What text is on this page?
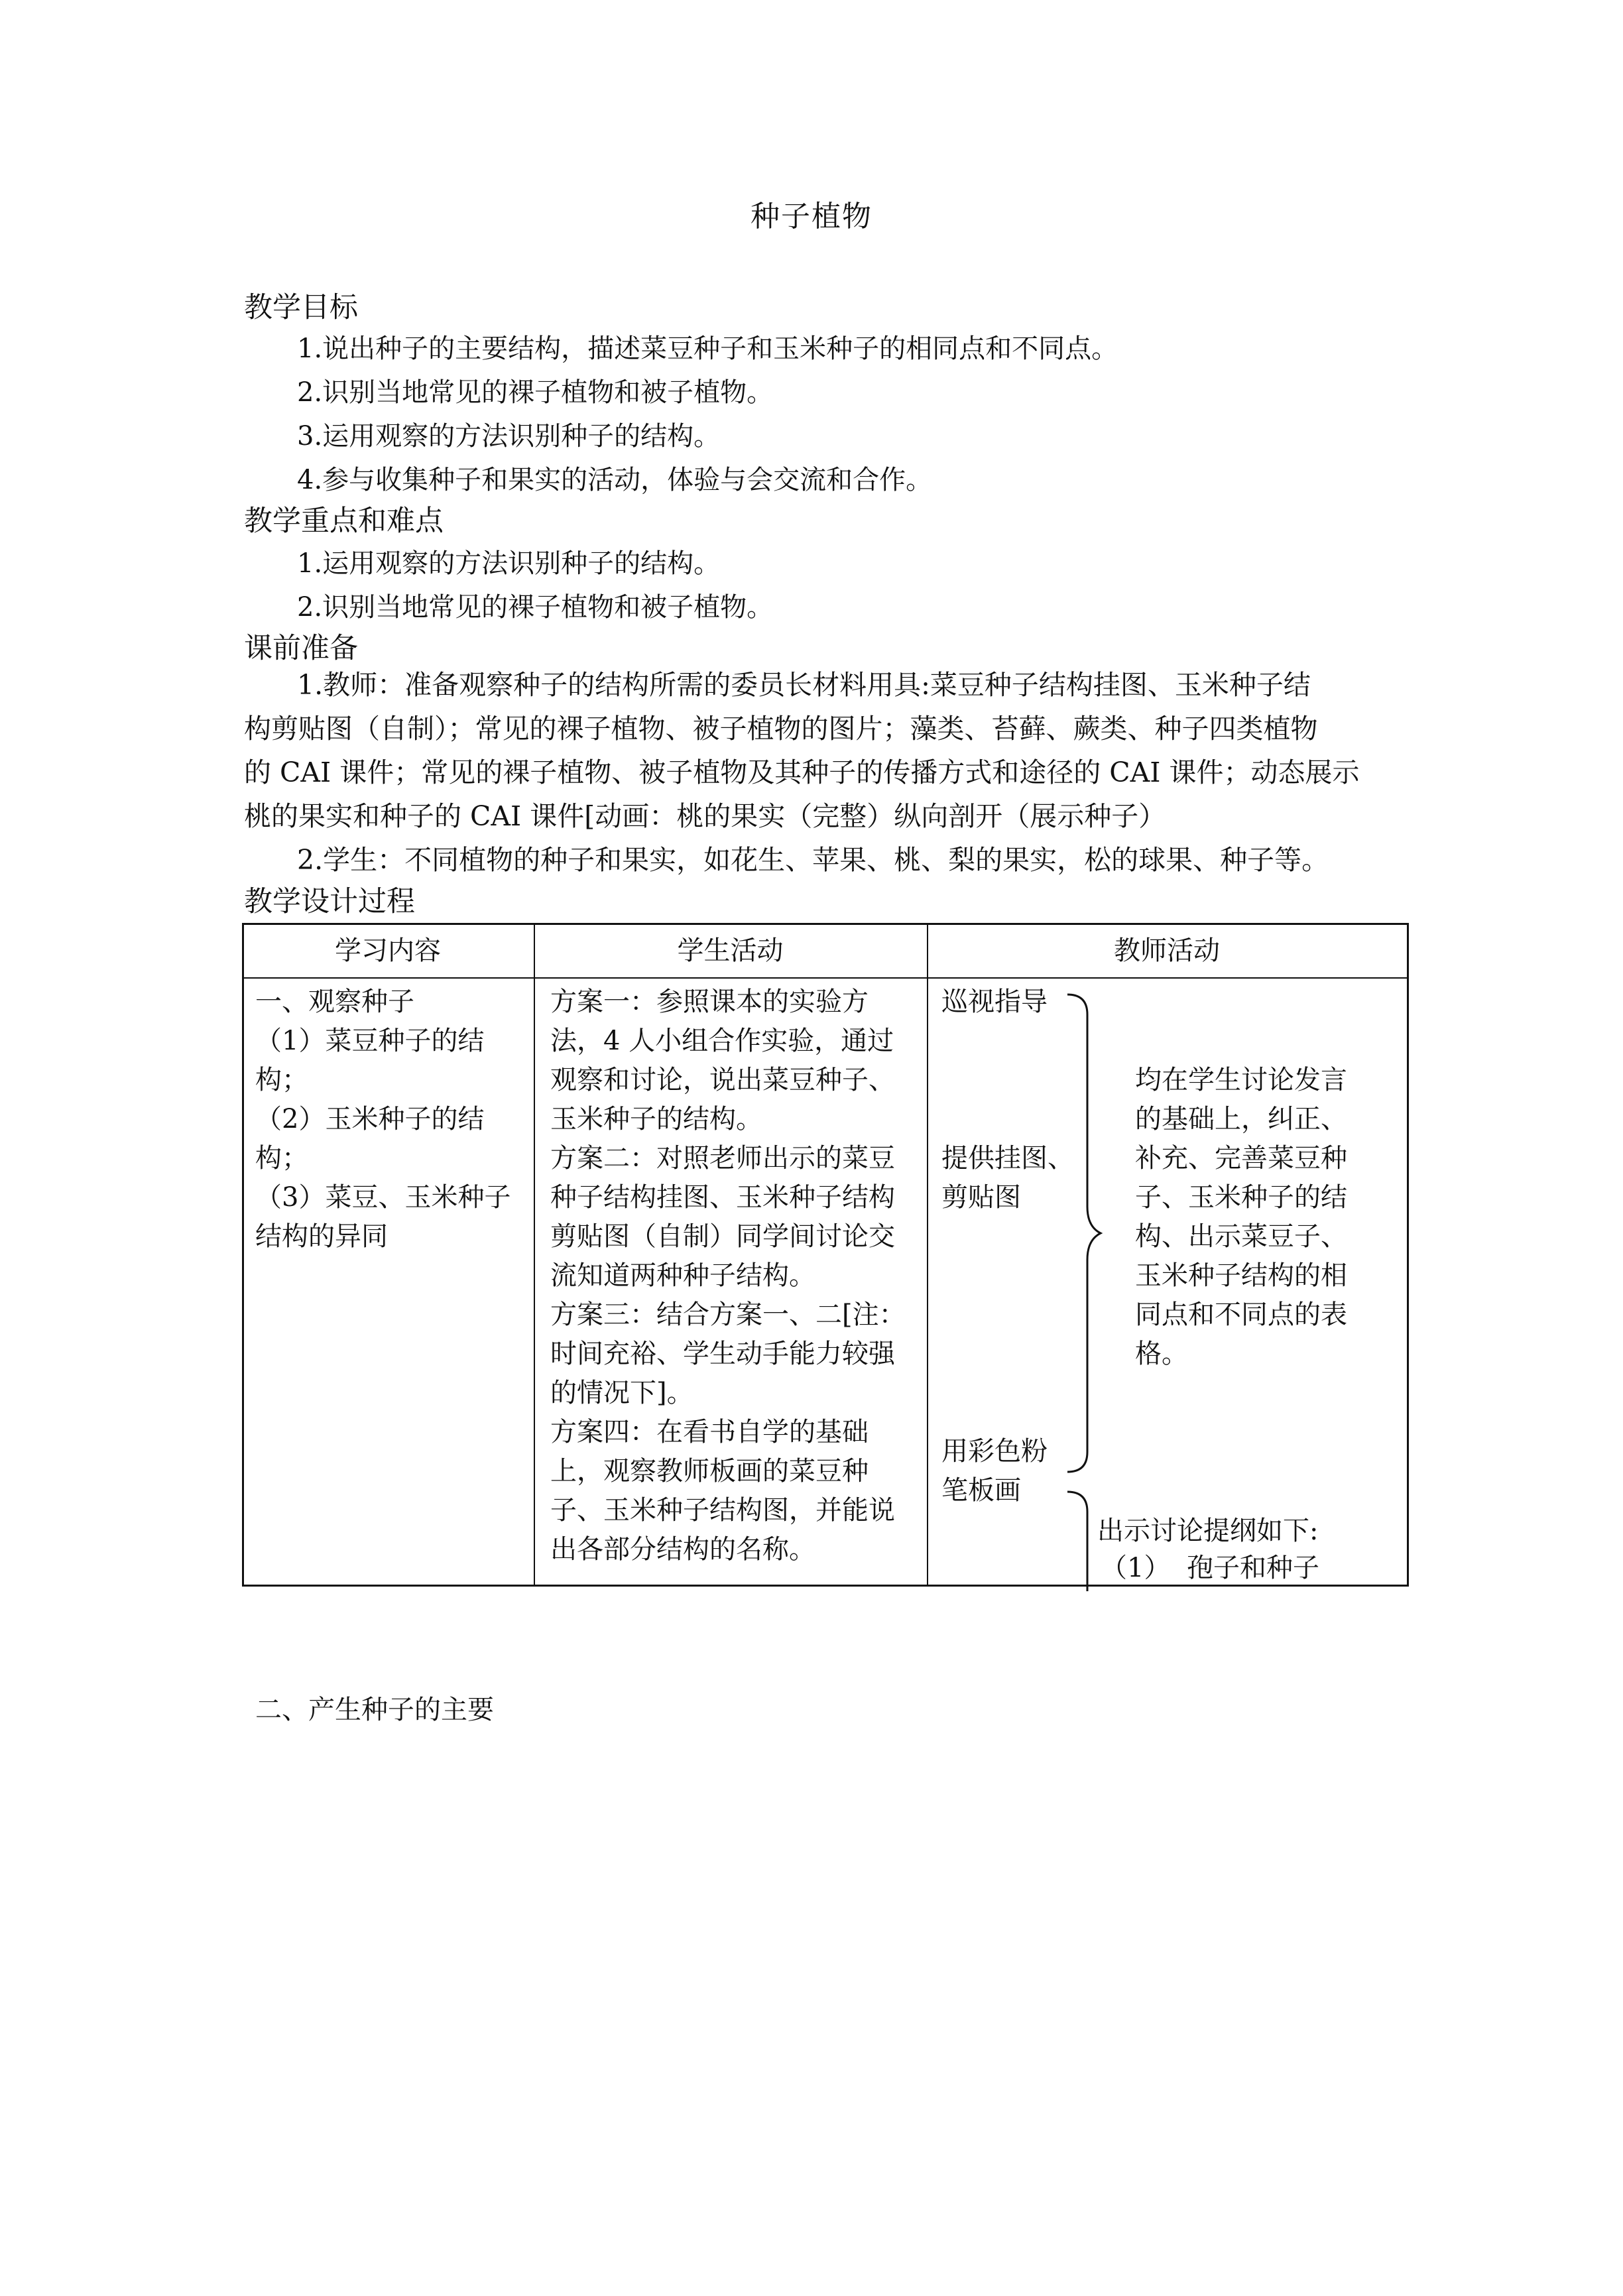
种子植物
教学目标
1.说出种子的主要结构，描述菜豆种子和玉米种子的相同点和不同点。
2.识别当地常见的裸子植物和被子植物。
3.运用观察的方法识别种子的结构。
4.参与收集种子和果实的活动，体验与会交流和合作。
教学重点和难点
1.运用观察的方法识别种子的结构。
2.识别当地常见的裸子植物和被子植物。
课前准备
1.教师：准备观察种子的结构所需的委员长材料用具:菜豆种子结构挂图、玉米种子结
构剪贴图（自制）；常见的裸子植物、被子植物的图片；藻类、苔藓、蕨类、种子四类植物
的 CAI 课件；常见的裸子植物、被子植物及其种子的传播方式和途径的 CAI 课件；动态展示
桃的果实和种子的 CAI 课件[动画：桃的果实（完整）纵向剖开（展示种子）
2.学生：不同植物的种子和果实，如花生、苹果、桃、梨的果实，松的球果、种子等。
教学设计过程
学习内容	学生活动	教师活动
一、观察种子
（1）菜豆种子的结
构；
（2）玉米种子的结
构；
（3）菜豆、玉米种子
结构的异同
二、产生种子的主要
方案一：参照课本的实验方
法，4 人小组合作实验，通过
观察和讨论，说出菜豆种子、
玉米种子的结构。
方案二：对照老师出示的菜豆
种子结构挂图、玉米种子结构
剪贴图（自制）同学间讨论交
流知道两种种子结构。
方案三：结合方案一、二[注：
时间充裕、学生动手能力较强
的情况下]。
方案四：在看书自学的基础
上，观察教师板画的菜豆种
子、玉米种子结构图，并能说
出各部分结构的名称。
巡视指导
提供挂图、
剪贴图
用彩色粉
笔板画
均在学生讨论发言
的基础上，纠正、
补充、完善菜豆种
子、玉米种子的结
构、出示菜豆子、
玉米种子结构的相
同点和不同点的表
格。
出示讨论提纲如下:
（1） 孢子和种子
